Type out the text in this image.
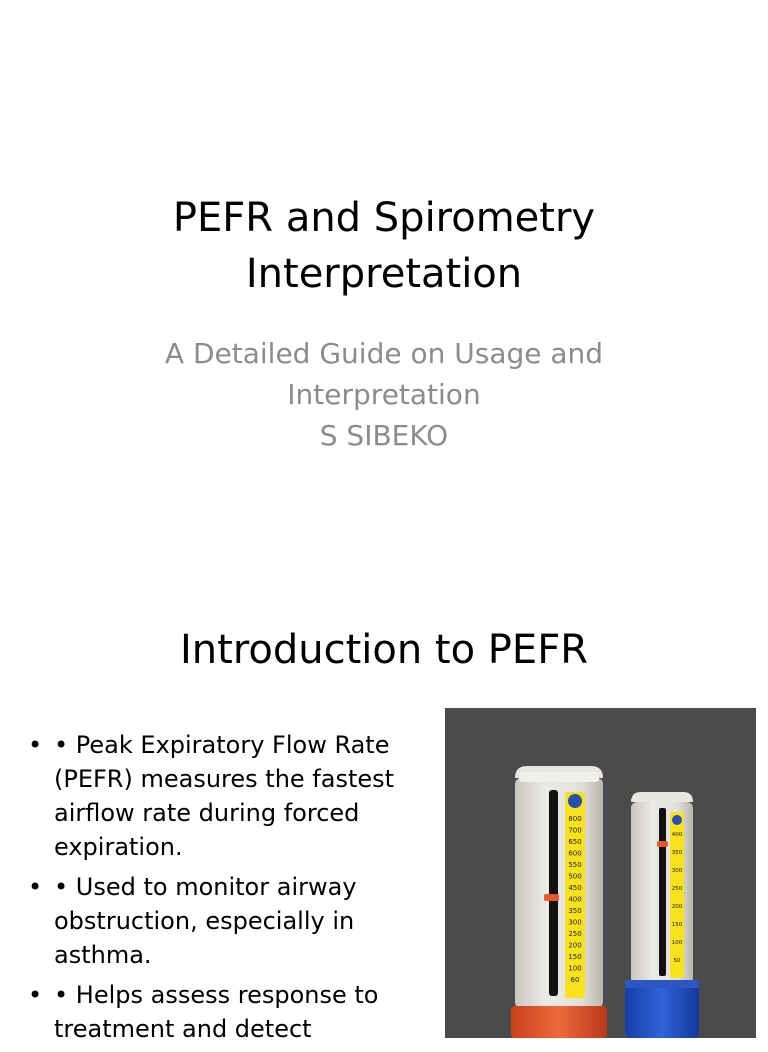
PEFR and Spirometry
Interpretation
A Detailed Guide on Usage and
Interpretation
S SIBEKO
Introduction to PEFR
• • Peak Expiratory Flow Rate (PEFR) measures the fastest airflow rate during forced expiration.
• • Used to monitor airway obstruction, especially in asthma.
• • Helps assess response to treatment and detect
800
700
650
600
550
500
450
400
350
300
250
200
150
100
60
400
350
300
250
200
150
100
50
